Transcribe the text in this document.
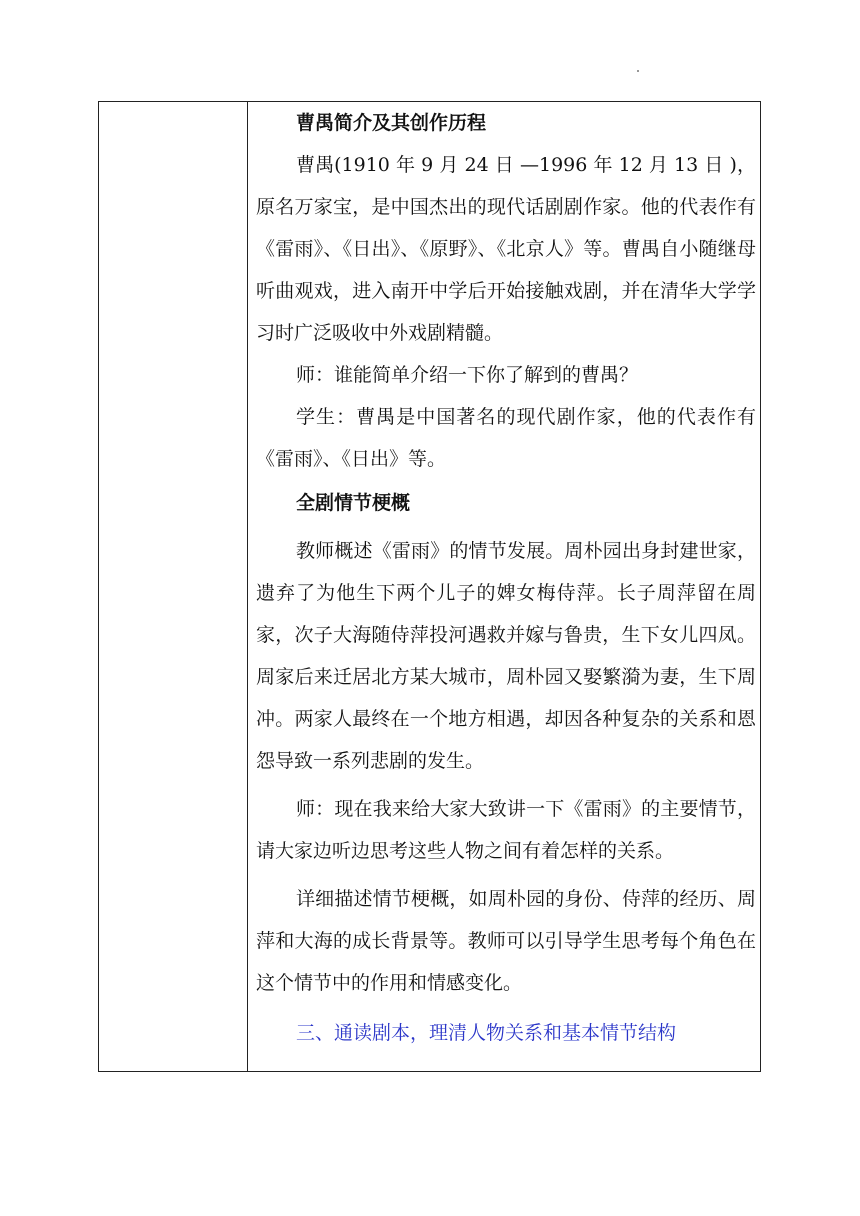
曹禺简介及其创作历程

曹禺(1910 年 9 月 24 日 —1996 年 12 月 13 日 )，原名万家宝，是中国杰出的现代话剧剧作家。他的代表作有《雷雨》、《日出》、《原野》、《北京人》等。曹禺自小随继母听曲观戏，进入南开中学后开始接触戏剧，并在清华大学学习时广泛吸收中外戏剧精髓。

师：谁能简单介绍一下你了解到的曹禺？

学生：曹禺是中国著名的现代剧作家，他的代表作有《雷雨》、《日出》等。

全剧情节梗概

教师概述《雷雨》的情节发展。周朴园出身封建世家，遗弃了为他生下两个儿子的婢女梅侍萍。长子周萍留在周家，次子大海随侍萍投河遇救并嫁与鲁贵，生下女儿四凤。周家后来迁居北方某大城市，周朴园又娶繁漪为妻，生下周冲。两家人最终在一个地方相遇，却因各种复杂的关系和恩怨导致一系列悲剧的发生。

师：现在我来给大家大致讲一下《雷雨》的主要情节，请大家边听边思考这些人物之间有着怎样的关系。

详细描述情节梗概，如周朴园的身份、侍萍的经历、周萍和大海的成长背景等。教师可以引导学生思考每个角色在这个情节中的作用和情感变化。

三、通读剧本，理清人物关系和基本情节结构
